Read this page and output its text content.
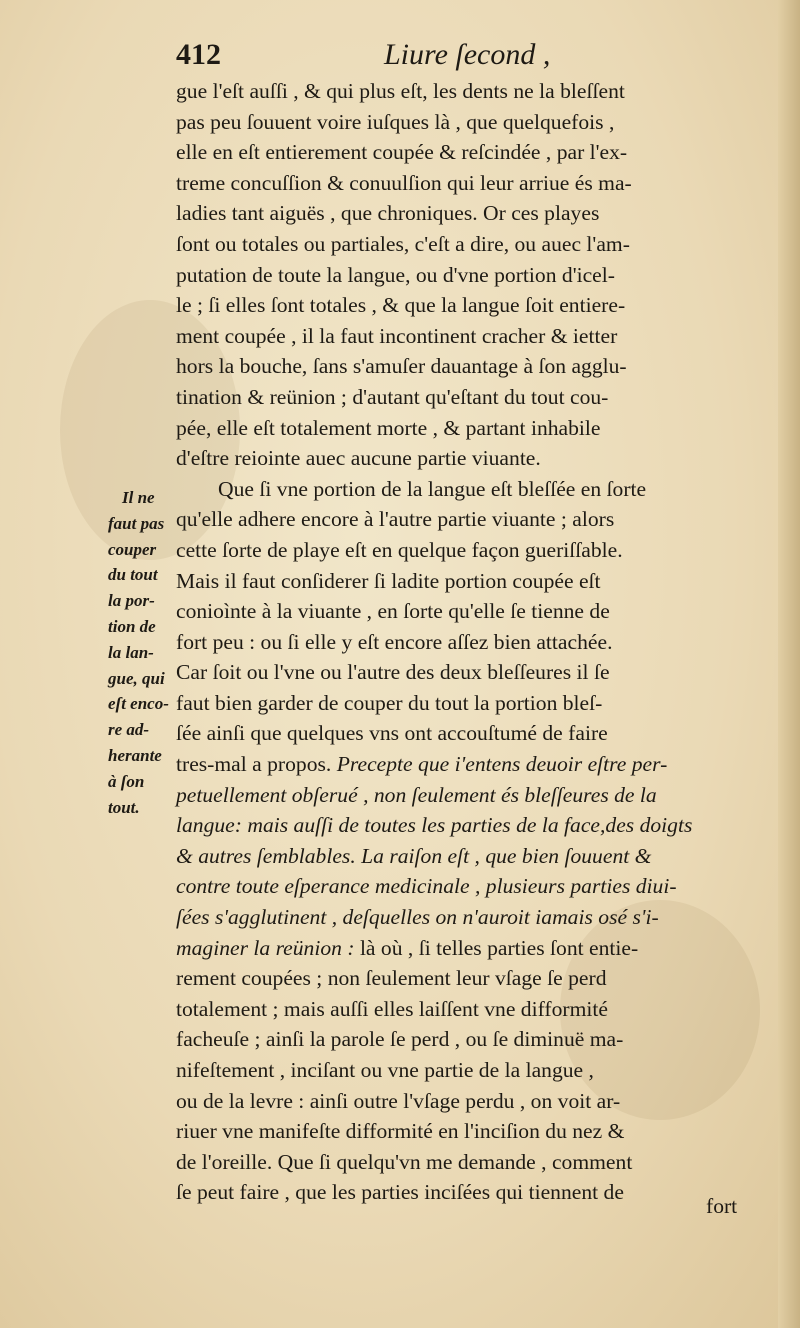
412	Liure ſecond ,
Il ne
faut pas
couper
du tout
la por-
tion de
la lan-
gue, qui
eſt enco-
re ad-
herante
à ſon
tout.
gue l'eſt auſſi , & qui plus eſt, les dents ne la bleſſent
pas peu ſouuent voire iuſques là , que quelquefois ,
elle en eſt entierement coupée & reſcindée , par l'ex-
treme concuſſion & conuulſion qui leur arriue és ma-
ladies tant aiguës , que chroniques. Or ces playes
ſont ou totales ou partiales, c'eſt a dire, ou auec l'am-
putation de toute la langue, ou d'vne portion d'icel-
le ; ſi elles ſont totales , & que la langue ſoit entiere-
ment coupée , il la faut incontinent cracher & ietter
hors la bouche, ſans s'amuſer dauantage à ſon agglu-
tination & reünion ; d'autant qu'eſtant du tout cou-
pée, elle eſt totalement morte , & partant inhabile
d'eſtre reiointe auec aucune partie viuante.
Que ſi vne portion de la langue eſt bleſſée en ſorte
qu'elle adhere encore à l'autre partie viuante ; alors
cette ſorte de playe eſt en quelque façon gueriſſable.
Mais il faut conſiderer ſi ladite portion coupée eſt
conioìnte à la viuante , en ſorte qu'elle ſe tienne de
fort peu : ou ſi elle y eſt encore aſſez bien attachée.
Car ſoit ou l'vne ou l'autre des deux bleſſeures il ſe
faut bien garder de couper du tout la portion bleſ-
ſée ainſi que quelques vns ont accouſtumé de faire
tres-mal a propos. Precepte que i'entens deuoir eſtre per-
petuellement obſerué , non ſeulement és bleſſeures de la
langue: mais auſſi de toutes les parties de la face,des doigts
& autres ſemblables. La raiſon eſt , que bien ſouuent &
contre toute eſperance medicinale , plusieurs parties diui-
ſées s'agglutinent , deſquelles on n'auroit iamais osé s'i-
maginer la reünion : là où , ſi telles parties ſont entie-
rement coupées ; non ſeulement leur vſage ſe perd
totalement ; mais auſſi elles laiſſent vne difformité
facheuſe ; ainſi la parole ſe perd , ou ſe diminuë ma-
nifeſtement , inciſant ou vne partie de la langue ,
ou de la levre : ainſi outre l'vſage perdu , on voit ar-
riuer vne manifeſte difformité en l'inciſion du nez &
de l'oreille. Que ſi quelqu'vn me demande , comment
ſe peut faire , que les parties inciſées qui tiennent de
fort
